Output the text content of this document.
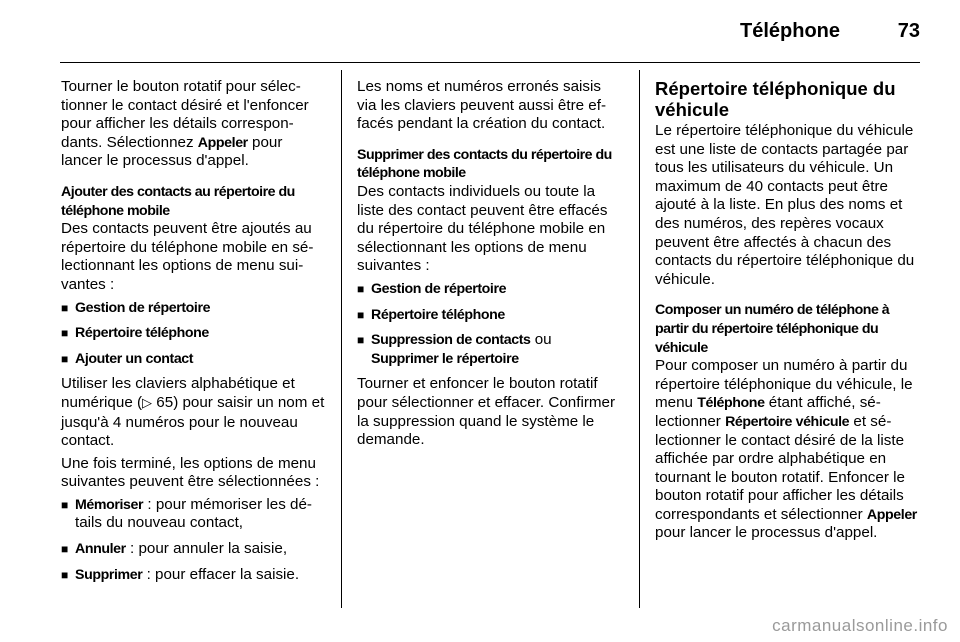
Téléphone	73

Tourner le bouton rotatif pour sélectionner le contact désiré et l'enfoncer pour afficher les détails correspondants. Sélectionnez Appeler pour lancer le processus d'appel.

Ajouter des contacts au répertoire du téléphone mobile

Des contacts peuvent être ajoutés au répertoire du téléphone mobile en sélectionnant les options de menu suivantes :

■ Gestion de répertoire
■ Répertoire téléphone
■ Ajouter un contact

Utiliser les claviers alphabétique et numérique (▷ 65) pour saisir un nom et jusqu'à 4 numéros pour le nouveau contact.

Une fois terminé, les options de menu suivantes peuvent être sélectionnées :

■ Mémoriser : pour mémoriser les détails du nouveau contact,
■ Annuler : pour annuler la saisie,
■ Supprimer : pour effacer la saisie.

Les noms et numéros erronés saisis via les claviers peuvent aussi être effacés pendant la création du contact.

Supprimer des contacts du répertoire du téléphone mobile

Des contacts individuels ou toute la liste des contact peuvent être effacés du répertoire du téléphone mobile en sélectionnant les options de menu suivantes :

■ Gestion de répertoire
■ Répertoire téléphone
■ Suppression de contacts ou
Supprimer le répertoire

Tourner et enfoncer le bouton rotatif pour sélectionner et effacer. Confirmer la suppression quand le système le demande.

Répertoire téléphonique du véhicule

Le répertoire téléphonique du véhicule est une liste de contacts partagée par tous les utilisateurs du véhicule. Un maximum de 40 contacts peut être ajouté à la liste. En plus des noms et des numéros, des repères vocaux peuvent être affectés à chacun des contacts du répertoire téléphonique du véhicule.

Composer un numéro de téléphone à partir du répertoire téléphonique du véhicule

Pour composer un numéro à partir du répertoire téléphonique du véhicule, le menu Téléphone étant affiché, sélectionner Répertoire véhicule et sélectionner le contact désiré de la liste affichée par ordre alphabétique en tournant le bouton rotatif. Enfoncer le bouton rotatif pour afficher les détails correspondants et sélectionner Appeler pour lancer le processus d'appel.

carmanualsonline.info
